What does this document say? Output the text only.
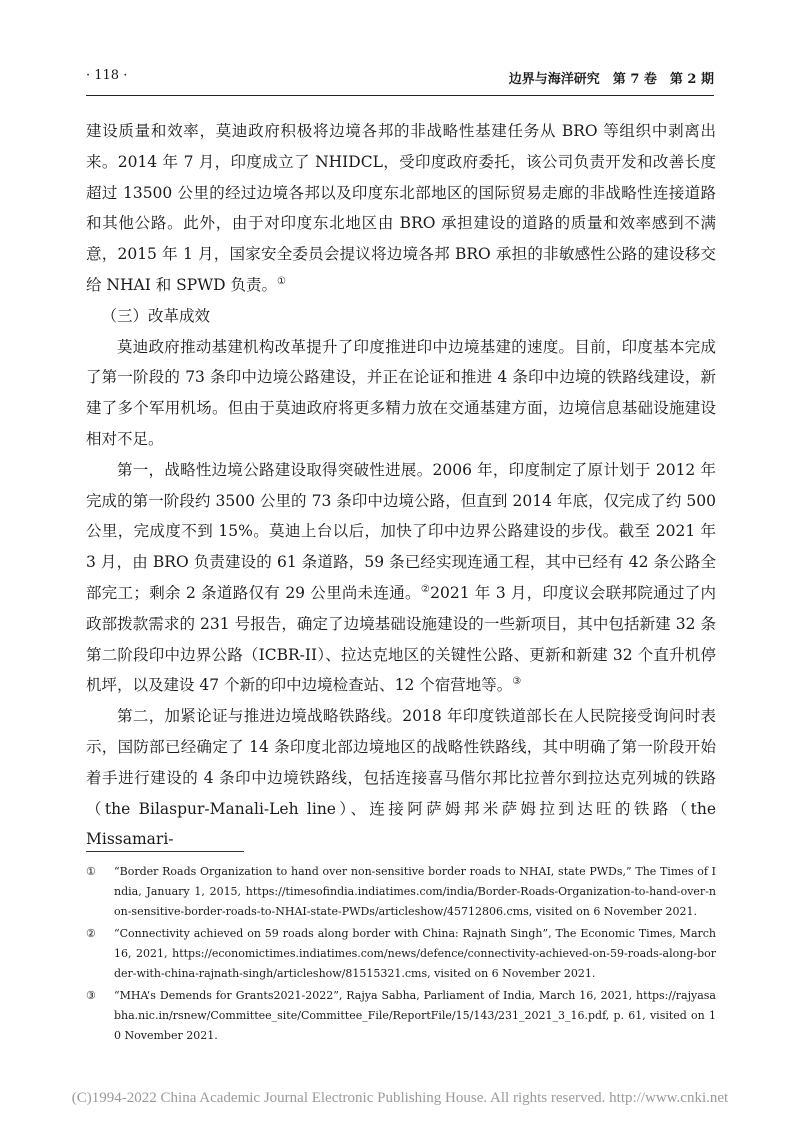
· 118 ·	边界与海洋研究　第 7 卷　第 2 期

建设质量和效率，莫迪政府积极将边境各邦的非战略性基建任务从 BRO 等组织中剥离出来。2014 年 7 月，印度成立了 NHIDCL，受印度政府委托，该公司负责开发和改善长度超过 13500 公里的经过边境各邦以及印度东北部地区的国际贸易走廊的非战略性连接道路和其他公路。此外，由于对印度东北地区由 BRO 承担建设的道路的质量和效率感到不满意，2015 年 1 月，国家安全委员会提议将边境各邦 BRO 承担的非敏感性公路的建设移交给 NHAI 和 SPWD 负责。①

（三）改革成效

莫迪政府推动基建机构改革提升了印度推进印中边境基建的速度。目前，印度基本完成了第一阶段的 73 条印中边境公路建设，并正在论证和推进 4 条印中边境的铁路线建设，新建了多个军用机场。但由于莫迪政府将更多精力放在交通基建方面，边境信息基础设施建设相对不足。

第一，战略性边境公路建设取得突破性进展。2006 年，印度制定了原计划于 2012 年完成的第一阶段约 3500 公里的 73 条印中边境公路，但直到 2014 年底，仅完成了约 500 公里，完成度不到 15%。莫迪上台以后，加快了印中边界公路建设的步伐。截至 2021 年 3 月，由 BRO 负责建设的 61 条道路，59 条已经实现连通工程，其中已经有 42 条公路全部完工；剩余 2 条道路仅有 29 公里尚未连通。②2021 年 3 月，印度议会联邦院通过了内政部拨款需求的 231 号报告，确定了边境基础设施建设的一些新项目，其中包括新建 32 条第二阶段印中边界公路（ICBR-II）、拉达克地区的关键性公路、更新和新建 32 个直升机停机坪，以及建设 47 个新的印中边境检查站、12 个宿营地等。③

第二，加紧论证与推进边境战略铁路线。2018 年印度铁道部长在人民院接受询问时表示，国防部已经确定了 14 条印度北部边境地区的战略性铁路线，其中明确了第一阶段开始着手进行建设的 4 条印中边境铁路线，包括连接喜马偕尔邦比拉普尔到拉达克列城的铁路（the Bilaspur-Manali-Leh line）、连接阿萨姆邦米萨姆拉到达旺的铁路（the Missamari-

①	“Border Roads Organization to hand over non-sensitive border roads to NHAI, state PWDs,” The Times of India, January 1, 2015, https://timesofindia.indiatimes.com/india/Border-Roads-Organization-to-hand-over-non-sensitive-border-roads-to-NHAI-state-PWDs/articleshow/45712806.cms, visited on 6 November 2021.
②	“Connectivity achieved on 59 roads along border with China: Rajnath Singh”, The Economic Times, March 16, 2021, https://economictimes.indiatimes.com/news/defence/connectivity-achieved-on-59-roads-along-border-with-china-rajnath-singh/articleshow/81515321.cms, visited on 6 November 2021.
③	“MHA’s Demends for Grants2021-2022”, Rajya Sabha, Parliament of India, March 16, 2021, https://rajyasabha.nic.in/rsnew/Committee_site/Committee_File/ReportFile/15/143/231_2021_3_16.pdf, p. 61, visited on 10 November 2021.
(C)1994-2022 China Academic Journal Electronic Publishing House. All rights reserved. http://www.cnki.net
